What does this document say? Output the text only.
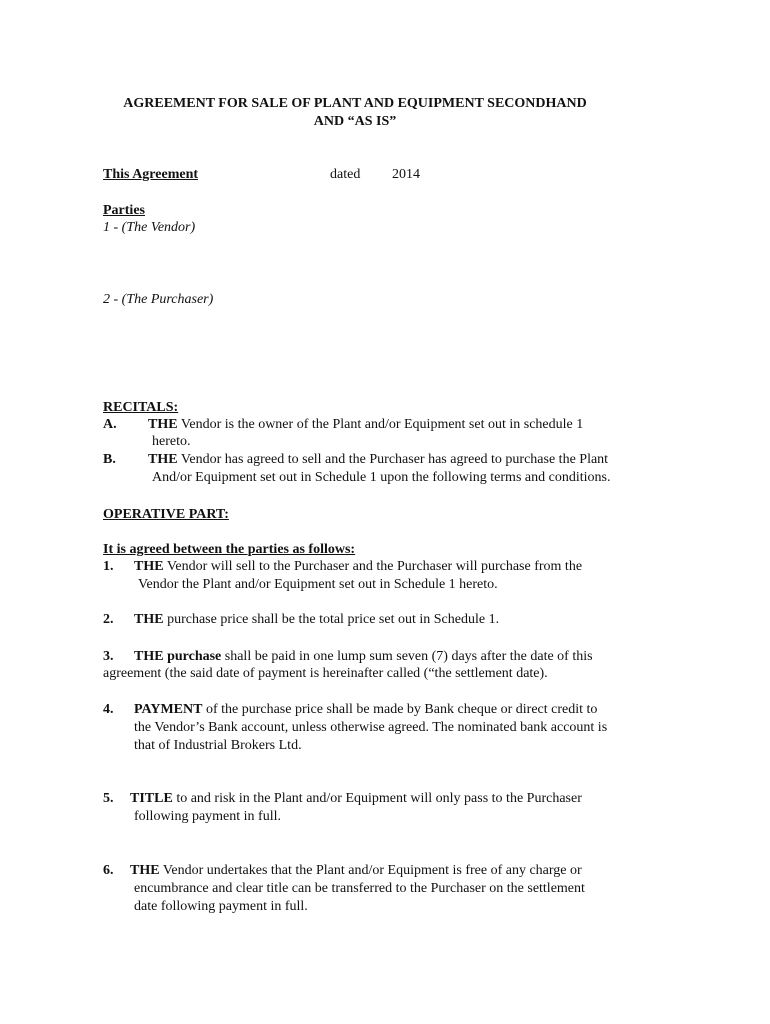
AGREEMENT FOR SALE OF PLANT AND EQUIPMENT SECONDHAND
AND “AS IS”
This Agreement	dated 2014
Parties
1 - (The Vendor)
2 - (The Purchaser)
RECITALS:
A. THE Vendor is the owner of the Plant and/or Equipment set out in schedule 1
hereto.
B. THE Vendor has agreed to sell and the Purchaser has agreed to purchase the Plant
And/or Equipment set out in Schedule 1 upon the following terms and conditions.
OPERATIVE PART:
It is agreed between the parties as follows:
1. THE Vendor will sell to the Purchaser and the Purchaser will purchase from the
Vendor the Plant and/or Equipment set out in Schedule 1 hereto.
2. THE purchase price shall be the total price set out in Schedule 1.
3. THE purchase shall be paid in one lump sum seven (7) days after the date of this
agreement (the said date of payment is hereinafter called (“the settlement date).
4. PAYMENT of the purchase price shall be made by Bank cheque or direct credit to
the Vendor’s Bank account, unless otherwise agreed. The nominated bank account is
that of Industrial Brokers Ltd.
5. TITLE to and risk in the Plant and/or Equipment will only pass to the Purchaser
following payment in full.
6. THE Vendor undertakes that the Plant and/or Equipment is free of any charge or
encumbrance and clear title can be transferred to the Purchaser on the settlement
date following payment in full.
